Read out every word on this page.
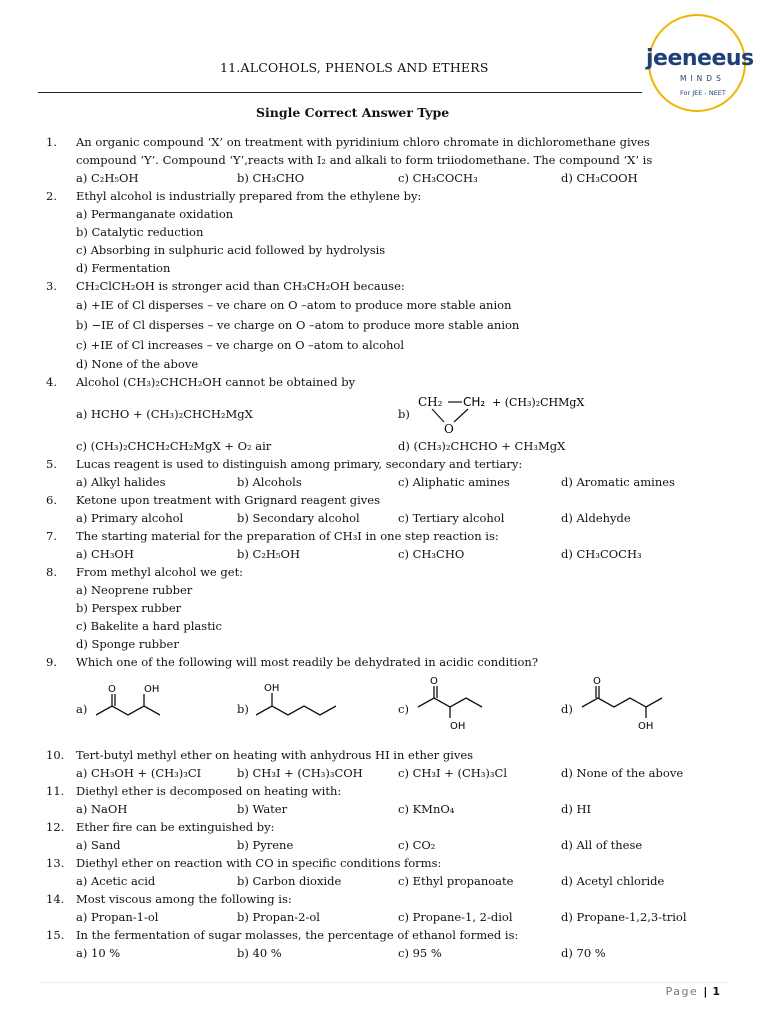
11.ALCOHOLS, PHENOLS AND ETHERS
Single Correct Answer Type
jeeneeus
MINDS
For JEE - NEET
1. An organic compound ‘X’ on treatment with pyridinium chloro chromate in dichloromethane gives
compound ‘Y’. Compound ‘Y’,reacts with I₂ and alkali to form triiodomethane. The compound ‘X’ is
a) C₂H₅OH	b) CH₃CHO	c) CH₃COCH₃	d) CH₃COOH
2. Ethyl alcohol is industrially prepared from the ethylene by:
a) Permanganate oxidation
b) Catalytic reduction
c) Absorbing in sulphuric acid followed by hydrolysis
d) Fermentation
3. CH₂ClCH₂OH is stronger acid than CH₃CH₂OH because:
a) +IE of Cl disperses – ve chare on O –atom to produce more stable anion
b) −IE of Cl disperses – ve charge on O –atom to produce more stable anion
c) +IE of Cl increases – ve charge on O –atom to alcohol
d) None of the above
4. Alcohol (CH₃)₂CHCH₂OH cannot be obtained by
a) HCHO + (CH₃)₂CHCH₂MgX	b)
CH₂ CH₂
O
+ (CH₃)₂CHMgX
c) (CH₃)₂CHCH₂CH₂MgX + O₂ air	d) (CH₃)₂CHCHO + CH₃MgX
5. Lucas reagent is used to distinguish among primary, secondary and tertiary:
a) Alkyl halides	b) Alcohols	c) Aliphatic amines	d) Aromatic amines
6. Ketone upon treatment with Grignard reagent gives
a) Primary alcohol	b) Secondary alcohol	c) Tertiary alcohol	d) Aldehyde
7. The starting material for the preparation of CH₃I in one step reaction is:
a) CH₃OH	b) C₂H₅OH	c) CH₃CHO	d) CH₃COCH₃
8. From methyl alcohol we get:
a) Neoprene rubber
b) Perspex rubber
c) Bakelite a hard plastic
d) Sponge rubber
9. Which one of the following will most readily be dehydrated in acidic condition?
a)	b)	c)	d)
O	OH	OH
O
OH
O
OH
10. Tert-butyl methyl ether on heating with anhydrous HI in ether gives
a) CH₃OH + (CH₃)₃CI	b) CH₃I + (CH₃)₃COH	c) CH₃I + (CH₃)₃Cl	d) None of the above
11. Diethyl ether is decomposed on heating with:
a) NaOH	b) Water	c) KMnO₄	d) HI
12. Ether fire can be extinguished by:
a) Sand	b) Pyrene	c) CO₂	d) All of these
13. Diethyl ether on reaction with CO in specific conditions forms:
a) Acetic acid	b) Carbon dioxide	c) Ethyl propanoate	d) Acetyl chloride
14. Most viscous among the following is:
a) Propan-1-ol	b) Propan-2-ol	c) Propane-1, 2-diol	d) Propane-1,2,3-triol
15. In the fermentation of sugar molasses, the percentage of ethanol formed is:
a) 10 %	b) 40 %	c) 95 %	d) 70 %
Page | 1
